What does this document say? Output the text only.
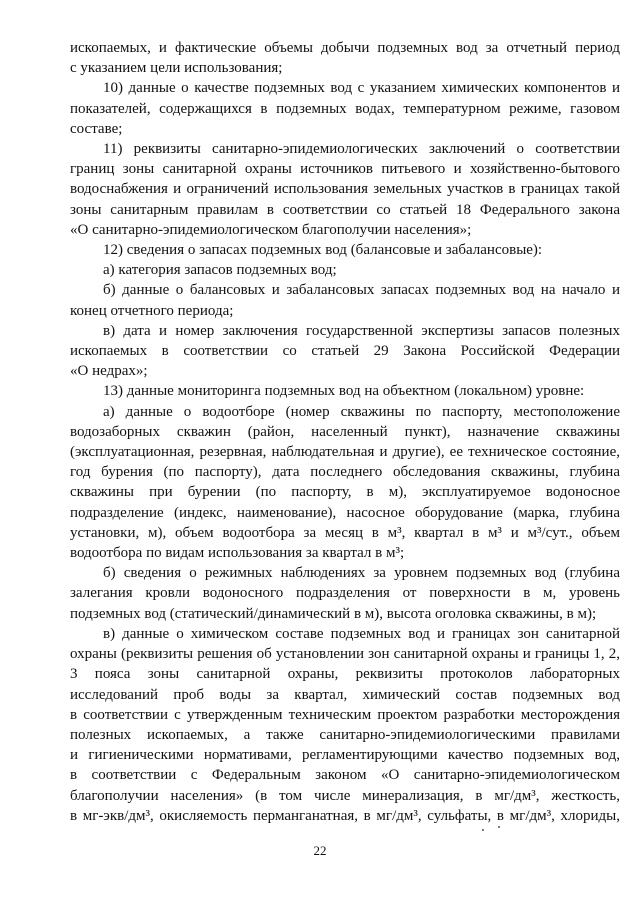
ископаемых, и фактические объемы добычи подземных вод за отчетный период

с указанием цели использования;

10) данные о качестве подземных вод с указанием химических компонентов и

показателей, содержащихся в подземных водах, температурном режиме, газовом

составе;

11) реквизиты санитарно-эпидемиологических заключений о соответствии

границ зоны санитарной охраны источников питьевого и хозяйственно-бытового

водоснабжения и ограничений использования земельных участков в границах такой

зоны санитарным правилам в соответствии со статьей 18 Федерального закона

«О санитарно-эпидемиологическом благополучии населения»;

12) сведения о запасах подземных вод (балансовые и забалансовые):

а) категория запасов подземных вод;

б) данные о балансовых и забалансовых запасах подземных вод на начало и

конец отчетного периода;

в) дата и номер заключения государственной экспертизы запасов полезных

ископаемых в соответствии со статьей 29 Закона Российской Федерации

«О недрах»;

13) данные мониторинга подземных вод на объектном (локальном) уровне:

а) данные о водоотборе (номер скважины по паспорту, местоположение

водозаборных скважин (район, населенный пункт), назначение скважины

(эксплуатационная, резервная, наблюдательная и другие), ее техническое состояние,

год бурения (по паспорту), дата последнего обследования скважины, глубина

скважины при бурении (по паспорту, в м), эксплуатируемое водоносное

подразделение (индекс, наименование), насосное оборудование (марка, глубина

установки, м), объем водоотбора за месяц в м³, квартал в м³ и м³/сут., объем

водоотбора по видам использования за квартал в м³;

б) сведения о режимных наблюдениях за уровнем подземных вод (глубина

залегания кровли водоносного подразделения от поверхности в м, уровень

подземных вод (статический/динамический в м), высота оголовка скважины, в м);

в) данные о химическом составе подземных вод и границах зон санитарной

охраны (реквизиты решения об установлении зон санитарной охраны и границы 1, 2,

3 пояса зоны санитарной охраны, реквизиты протоколов лабораторных

исследований проб воды за квартал, химический состав подземных вод

в соответствии с утвержденным техническим проектом разработки месторождения

полезных ископаемых, а также санитарно-эпидемиологическими правилами

и гигиеническими нормативами, регламентирующими качество подземных вод,

в соответствии с Федеральным законом «О санитарно-эпидемиологическом

благополучии населения» (в том числе минерализация, в мг/дм³, жесткость,

в мг-экв/дм³, окисляемость перманганатная, в мг/дм³, сульфаты, в мг/дм³, хлориды,

22
